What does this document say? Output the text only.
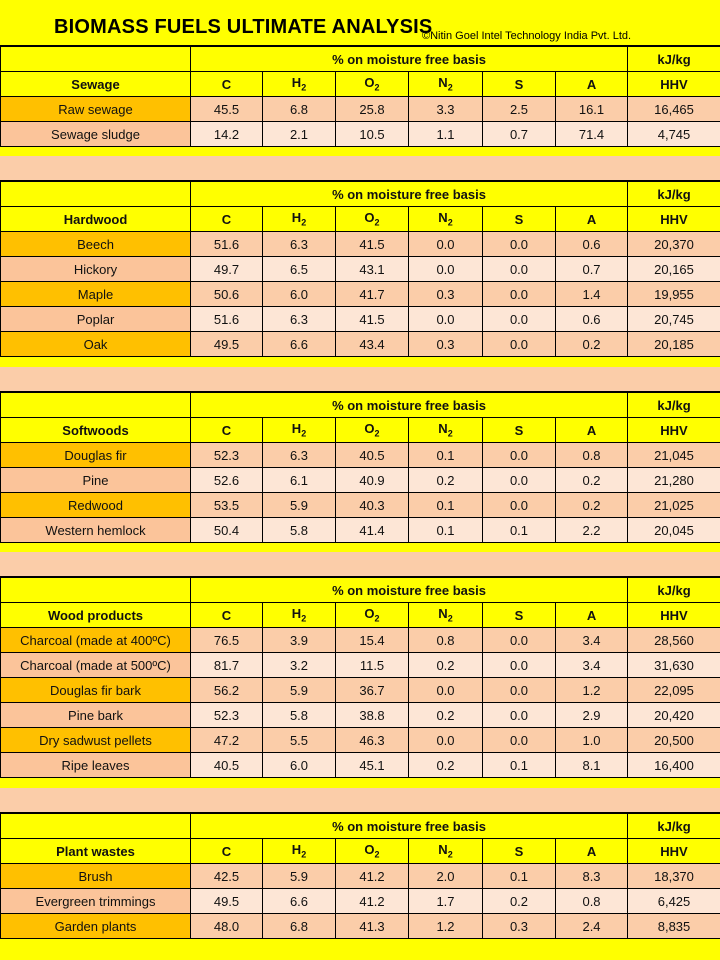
BIOMASS FUELS ULTIMATE ANALYSIS
©Nitin Goel Intel Technology India Pvt. Ltd.
	% on moisture free basis						kJ/kg
Sewage	C	$H_2$	$O_2$	$N_2$	S	A	HHV
Raw sewage	45.5	6.8	25.8	3.3	2.5	16.1	16,465
Sewage sludge	14.2	2.1	10.5	1.1	0.7	71.4	4,745
	% on moisture free basis						kJ/kg
Hardwood	C	$H_2$	$O_2$	$N_2$	S	A	HHV
Beech	51.6	6.3	41.5	0.0	0.0	0.6	20,370
Hickory	49.7	6.5	43.1	0.0	0.0	0.7	20,165
Maple	50.6	6.0	41.7	0.3	0.0	1.4	19,955
Poplar	51.6	6.3	41.5	0.0	0.0	0.6	20,745
Oak	49.5	6.6	43.4	0.3	0.0	0.2	20,185
	% on moisture free basis						kJ/kg
Softwoods	C	$H_2$	$O_2$	$N_2$	S	A	HHV
Douglas fir	52.3	6.3	40.5	0.1	0.0	0.8	21,045
Pine	52.6	6.1	40.9	0.2	0.0	0.2	21,280
Redwood	53.5	5.9	40.3	0.1	0.0	0.2	21,025
Western hemlock	50.4	5.8	41.4	0.1	0.1	2.2	20,045
	% on moisture free basis						kJ/kg
Wood products	C	$H_2$	$O_2$	$N_2$	S	A	HHV
Charcoal (made at 400ºC)	76.5	3.9	15.4	0.8	0.0	3.4	28,560
Charcoal (made at 500ºC)	81.7	3.2	11.5	0.2	0.0	3.4	31,630
Douglas fir bark	56.2	5.9	36.7	0.0	0.0	1.2	22,095
Pine bark	52.3	5.8	38.8	0.2	0.0	2.9	20,420
Dry sadwust pellets	47.2	5.5	46.3	0.0	0.0	1.0	20,500
Ripe leaves	40.5	6.0	45.1	0.2	0.1	8.1	16,400
	% on moisture free basis						kJ/kg
Plant wastes	C	$H_2$	$O_2$	$N_2$	S	A	HHV
Brush	42.5	5.9	41.2	2.0	0.1	8.3	18,370
Evergreen trimmings	49.5	6.6	41.2	1.7	0.2	0.8	6,425
Garden plants	48.0	6.8	41.3	1.2	0.3	2.4	8,835
